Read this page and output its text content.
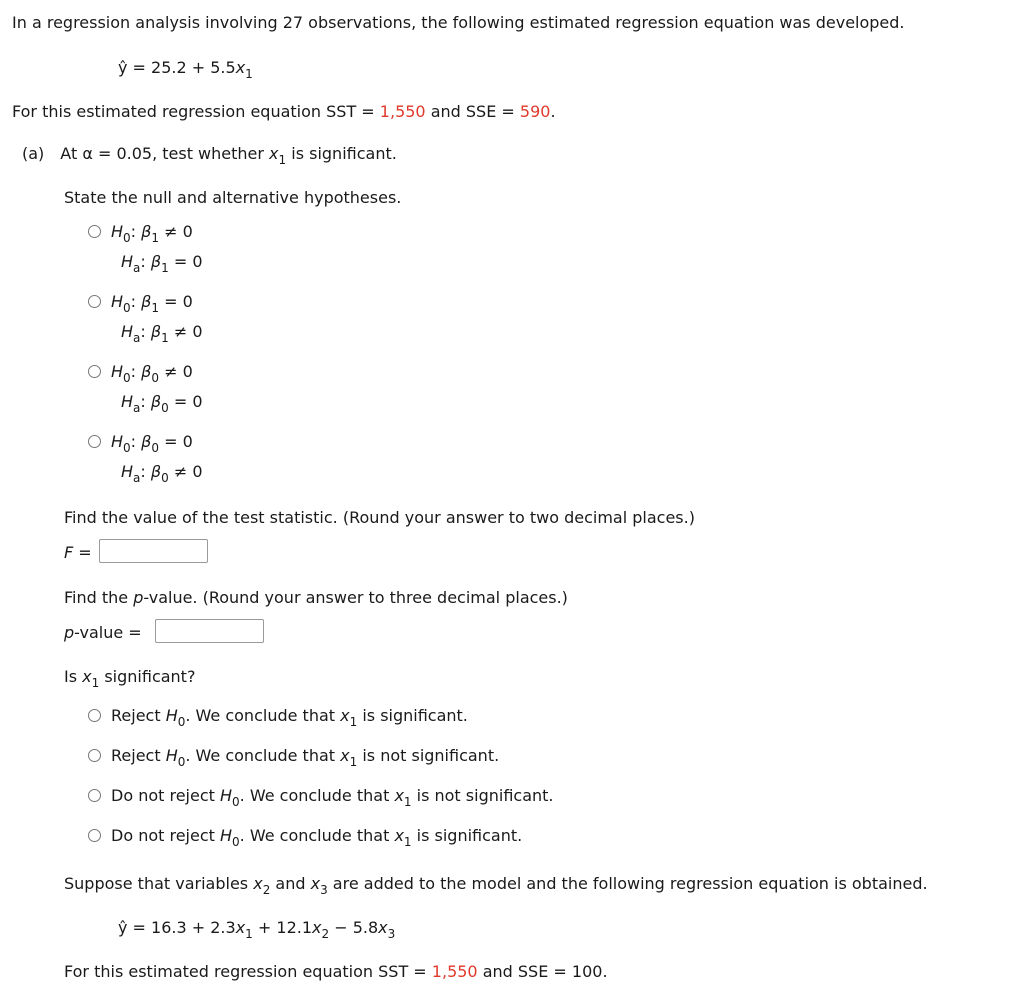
In a regression analysis involving 27 observations, the following estimated regression equation was developed.
ŷ = $25.2 + 5.5x_1$
For this estimated regression equation SST = 1,550 and SSE = 590.
(a) At α = 0.05, test whether $x_1$ is significant.
State the null and alternative hypotheses.
$H_0$: $\beta_1 \ne 0$
$H_a$: $\beta_1 = 0$
$H_0$: $\beta_1 = 0$
$H_a$: $\beta_1 \ne 0$
$H_0$: $\beta_0 \ne 0$
$H_a$: $\beta_0 = 0$
$H_0$: $\beta_0 = 0$
$H_a$: $\beta_0 \ne 0$
Find the value of the test statistic. (Round your answer to two decimal places.)
F =
Find the p-value. (Round your answer to three decimal places.)
p-value =
Is $x_1$ significant?
Reject $H_0$. We conclude that $x_1$ is significant.
Reject $H_0$. We conclude that $x_1$ is not significant.
Do not reject $H_0$. We conclude that $x_1$ is not significant.
Do not reject $H_0$. We conclude that $x_1$ is significant.
Suppose that variables $x_2$ and $x_3$ are added to the model and the following regression equation is obtained.
ŷ = $16.3 + 2.3x_1 + 12.1x_2 - 5.8x_3$
For this estimated regression equation SST = 1,550 and SSE = 100.
